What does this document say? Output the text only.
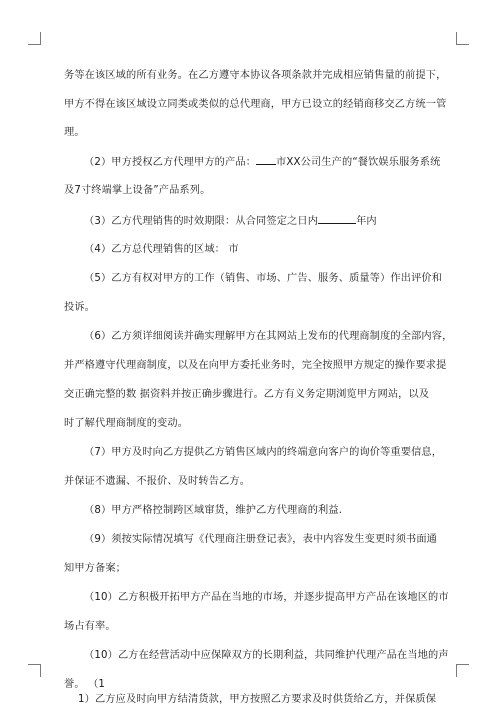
务等在该区域的所有业务。在乙方遵守本协议各项条款并完成相应销售量的前提下，
甲方不得在该区域设立同类或类似的总代理商，甲方已设立的经销商移交乙方统一管
理。
（2）甲方授权乙方代理甲方的产品： 市XX公司生产的“餐饮娱乐服务系统
及7寸终端掌上设备”产品系列。
（3）乙方代理销售的时效期限：从合同签定之日内	年内
（4）乙方总代理销售的区域： 市
（5）乙方有权对甲方的工作（销售、市场、广告、服务、质量等）作出评价和
投诉。
（6）乙方须详细阅读并确实理解甲方在其网站上发布的代理商制度的全部内容，
并严格遵守代理商制度，以及在向甲方委托业务时，完全按照甲方规定的操作要求提
交正确完整的数 据资料并按正确步骤进行。乙方有义务定期浏览甲方网站，以及
时了解代理商制度的变动。
（7）甲方及时向乙方提供乙方销售区域内的终端意向客户的询价等重要信息，
并保证不遗漏、不报价、及时转告乙方。
（8）甲方严格控制跨区域窜货，维护乙方代理商的利益.
（9）须按实际情况填写《代理商注册登记表》，表中内容发生变更时须书面通
知甲方备案；
（10）乙方积极开拓甲方产品在当地的市场，并逐步提高甲方产品在该地区的市
场占有率。
（10）乙方在经营活动中应保障双方的长期利益，共同维护代理产品在当地的声
誉。 （1
1）乙方应及时向甲方结清货款，甲方按照乙方要求及时供货给乙方，并保质保
